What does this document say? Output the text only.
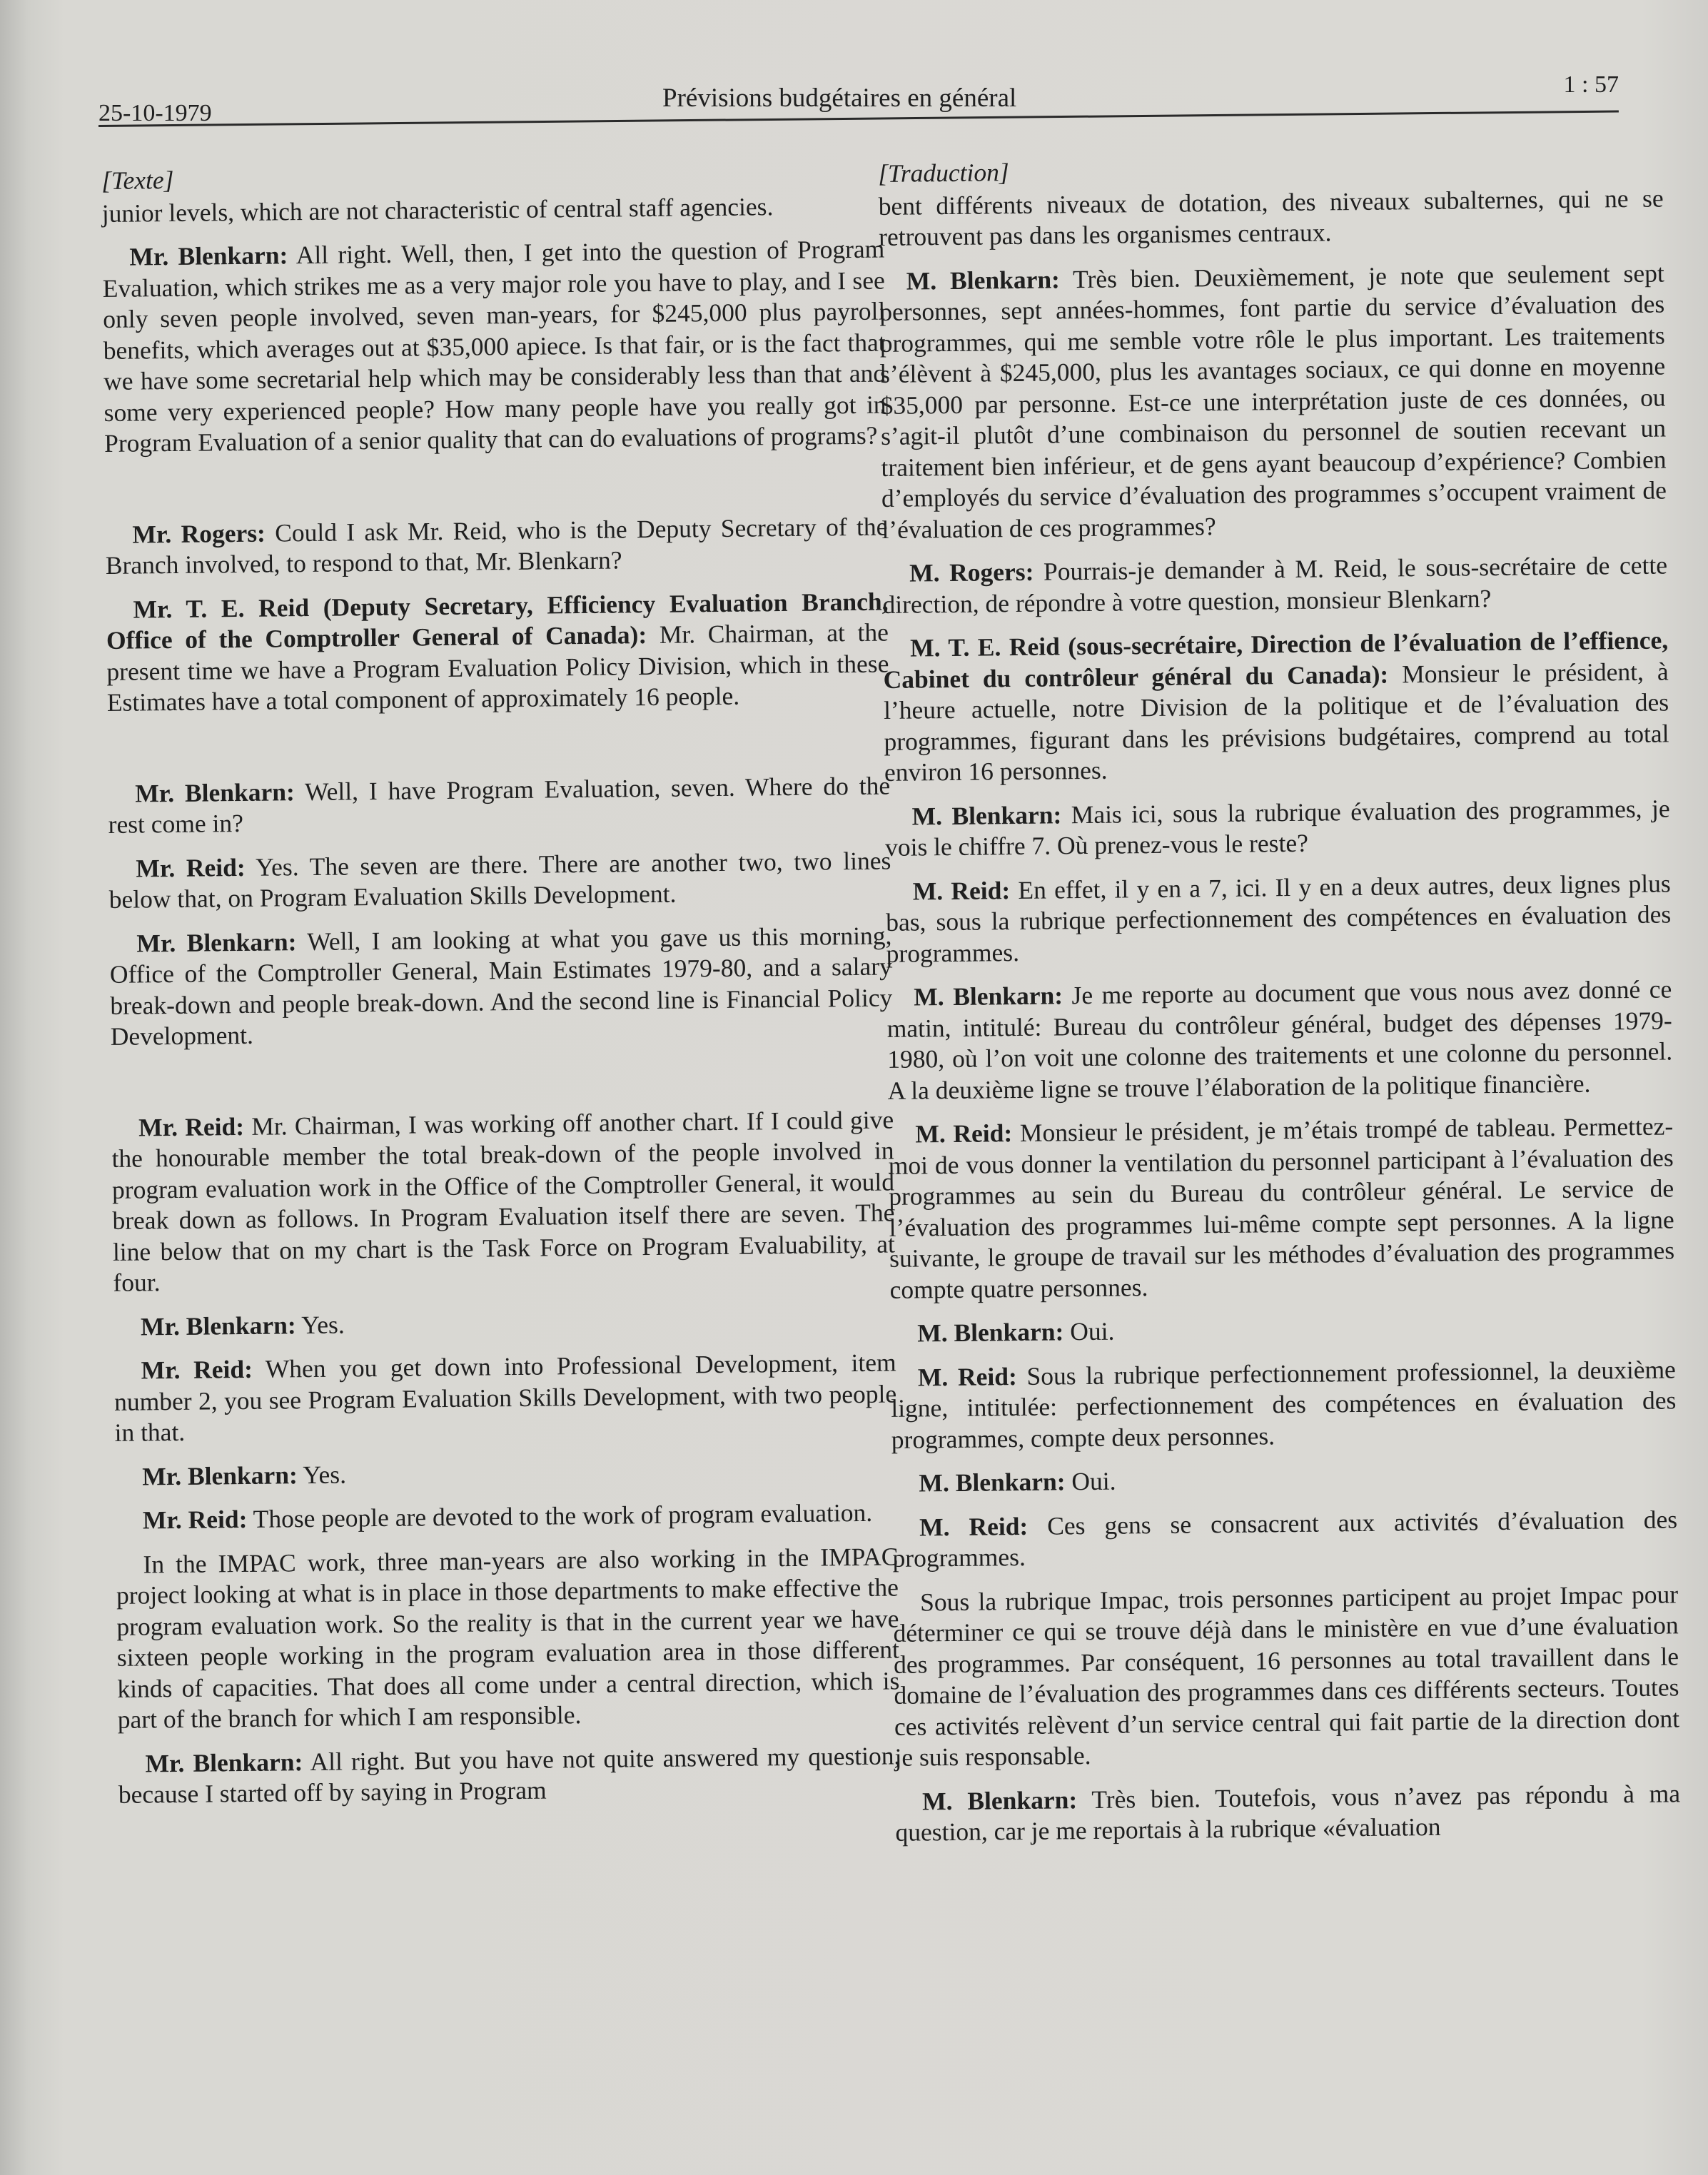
25-10-1979
Prévisions budgétaires en général	1 : 57
[Texte]

junior levels, which are not characteristic of central staff agencies.

Mr. Blenkarn: All right. Well, then, I get into the question of Program Evaluation, which strikes me as a very major role you have to play, and I see only seven people involved, seven man-years, for $245,000 plus payroll benefits, which averages out at $35,000 apiece. Is that fair, or is the fact that we have some secretarial help which may be considerably less than that and some very experienced people? How many people have you really got in Program Evaluation of a senior quality that can do evaluations of programs?

Mr. Rogers: Could I ask Mr. Reid, who is the Deputy Secretary of the Branch involved, to respond to that, Mr. Blenkarn?

Mr. T. E. Reid (Deputy Secretary, Efficiency Evaluation Branch, Office of the Comptroller General of Canada): Mr. Chairman, at the present time we have a Program Evaluation Policy Division, which in these Estimates have a total component of approximately 16 people.

Mr. Blenkarn: Well, I have Program Evaluation, seven. Where do the rest come in?

Mr. Reid: Yes. The seven are there. There are another two, two lines below that, on Program Evaluation Skills Development.

Mr. Blenkarn: Well, I am looking at what you gave us this morning, Office of the Comptroller General, Main Estimates 1979-80, and a salary break-down and people break-down. And the second line is Financial Policy Development.

Mr. Reid: Mr. Chairman, I was working off another chart. If I could give the honourable member the total break-down of the people involved in program evaluation work in the Office of the Comptroller General, it would break down as follows. In Program Evaluation itself there are seven. The line below that on my chart is the Task Force on Program Evaluability, at four.

Mr. Blenkarn: Yes.

Mr. Reid: When you get down into Professional Development, item number 2, you see Program Evaluation Skills Development, with two people in that.

Mr. Blenkarn: Yes.

Mr. Reid: Those people are devoted to the work of program evaluation.

In the IMPAC work, three man-years are also working in the IMPAC project looking at what is in place in those departments to make effective the program evaluation work. So the reality is that in the current year we have sixteen people working in the program evaluation area in those different kinds of capacities. That does all come under a central direction, which is part of the branch for which I am responsible.

Mr. Blenkarn: All right. But you have not quite answered my question, because I started off by saying in Program

[Traduction]

bent différents niveaux de dotation, des niveaux subalternes, qui ne se retrouvent pas dans les organismes centraux.

M. Blenkarn: Très bien. Deuxièmement, je note que seulement sept personnes, sept années-hommes, font partie du service d’évaluation des programmes, qui me semble votre rôle le plus important. Les traitements s’élèvent à $245,000, plus les avantages sociaux, ce qui donne en moyenne $35,000 par personne. Est-ce une interprétation juste de ces données, ou s’agit-il plutôt d’une combinaison du personnel de soutien recevant un traitement bien inférieur, et de gens ayant beaucoup d’expérience? Combien d’employés du service d’évaluation des programmes s’occupent vraiment de l’évaluation de ces programmes?

M. Rogers: Pourrais-je demander à M. Reid, le sous-secrétaire de cette direction, de répondre à votre question, monsieur Blenkarn?

M. T. E. Reid (sous-secrétaire, Direction de l’évaluation de l’effience, Cabinet du contrôleur général du Canada): Monsieur le président, à l’heure actuelle, notre Division de la politique et de l’évaluation des programmes, figurant dans les prévisions budgétaires, comprend au total environ 16 personnes.

M. Blenkarn: Mais ici, sous la rubrique évaluation des programmes, je vois le chiffre 7. Où prenez-vous le reste?

M. Reid: En effet, il y en a 7, ici. Il y en a deux autres, deux lignes plus bas, sous la rubrique perfectionnement des compétences en évaluation des programmes.

M. Blenkarn: Je me reporte au document que vous nous avez donné ce matin, intitulé: Bureau du contrôleur général, budget des dépenses 1979-1980, où l’on voit une colonne des traitements et une colonne du personnel. A la deuxième ligne se trouve l’élaboration de la politique financière.

M. Reid: Monsieur le président, je m’étais trompé de tableau. Permettez-moi de vous donner la ventilation du personnel participant à l’évaluation des programmes au sein du Bureau du contrôleur général. Le service de l’évaluation des programmes lui-même compte sept personnes. A la ligne suivante, le groupe de travail sur les méthodes d’évaluation des programmes compte quatre personnes.

M. Blenkarn: Oui.

M. Reid: Sous la rubrique perfectionnement professionnel, la deuxième ligne, intitulée: perfectionnement des compétences en évaluation des programmes, compte deux personnes.

M. Blenkarn: Oui.

M. Reid: Ces gens se consacrent aux activités d’évaluation des programmes.

Sous la rubrique Impac, trois personnes participent au projet Impac pour déterminer ce qui se trouve déjà dans le ministère en vue d’une évaluation des programmes. Par conséquent, 16 personnes au total travaillent dans le domaine de l’évaluation des programmes dans ces différents secteurs. Toutes ces activités relèvent d’un service central qui fait partie de la direction dont je suis responsable.

M. Blenkarn: Très bien. Toutefois, vous n’avez pas répondu à ma question, car je me reportais à la rubrique «évaluation
